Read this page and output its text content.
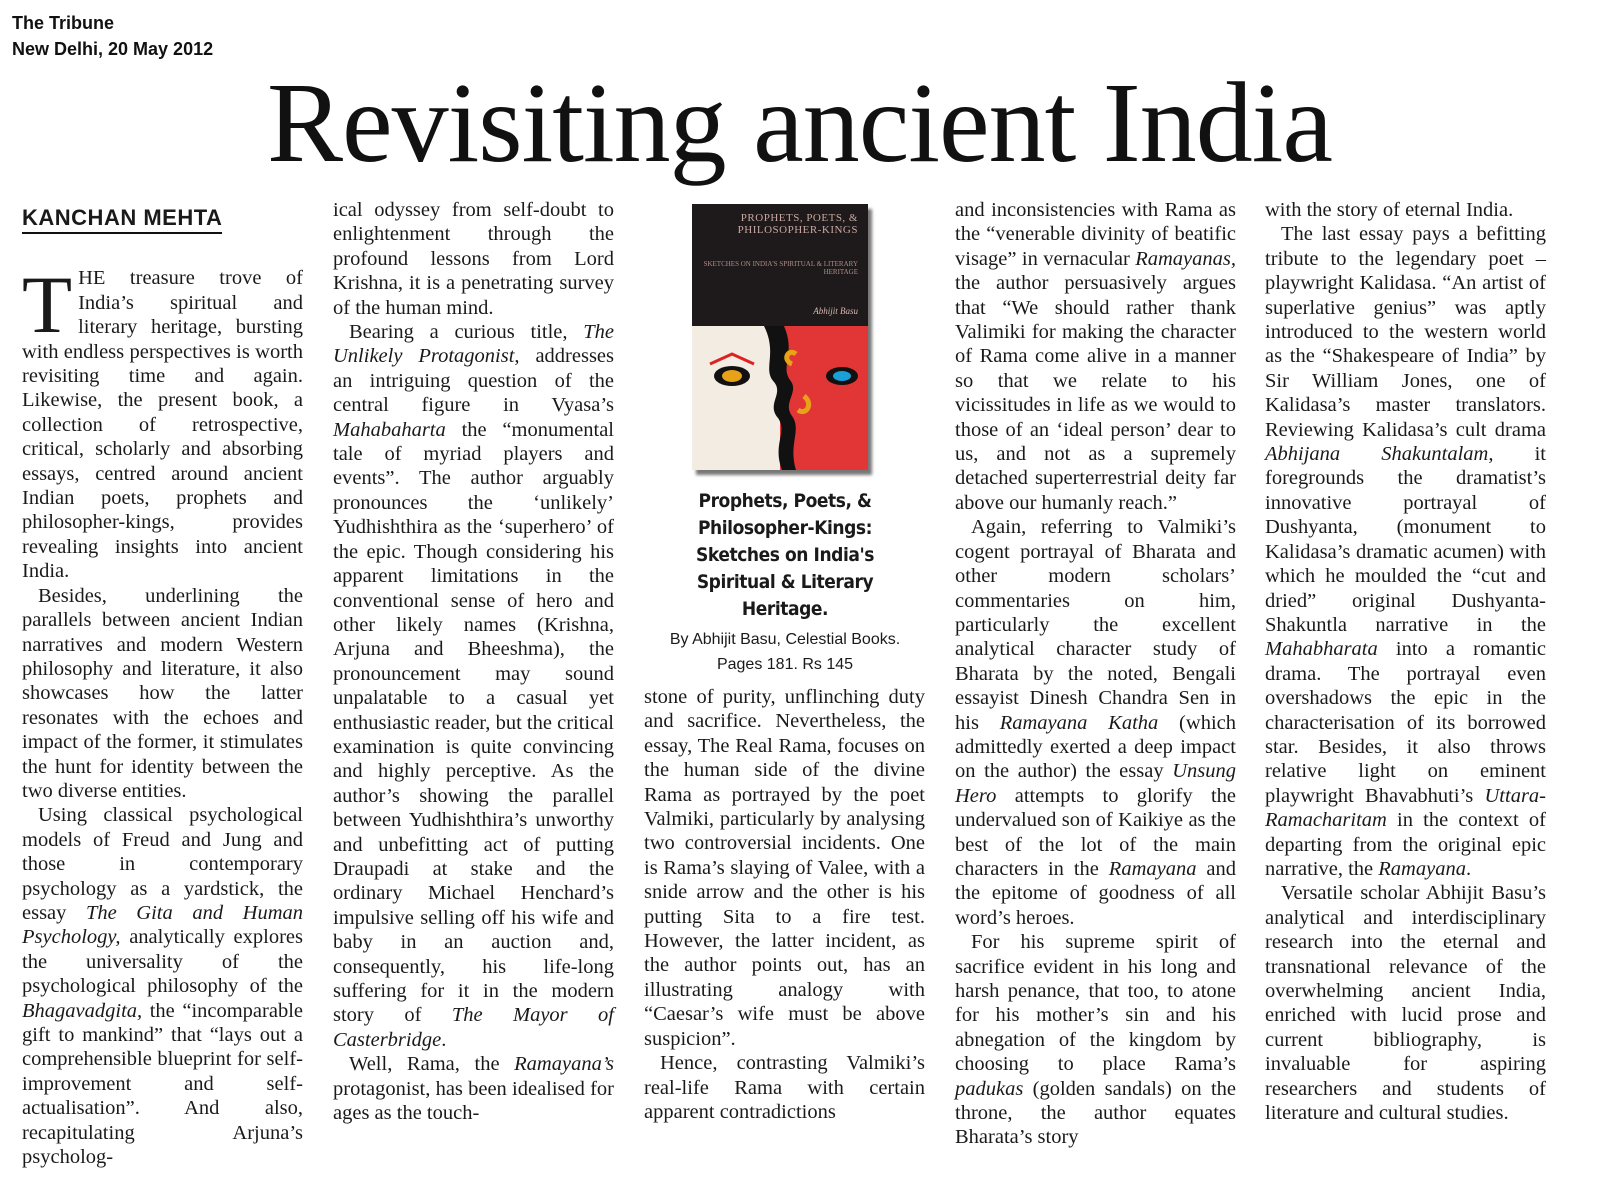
The Tribune
New Delhi, 20 May 2012
Revisiting ancient India
KANCHAN MEHTA

THE treasure trove of India’s spiritual and literary heritage, bursting with endless perspectives is worth revisiting time and again. Likewise, the present book, a collection of retrospective, critical, scholarly and absorbing essays, centred around ancient Indian poets, prophets and philosopher-kings, provides revealing insights into ancient India.

Besides, underlining the parallels between ancient Indian narratives and modern Western philosophy and literature, it also showcases how the latter resonates with the echoes and impact of the former, it stimulates the hunt for identity between the two diverse entities.

Using classical psychological models of Freud and Jung and those in contemporary psychology as a yardstick, the essay The Gita and Human Psychology, analytically explores the universality of the psychological philosophy of the Bhagavadgita, the “incomparable gift to mankind” that “lays out a comprehensible blueprint for self-improvement and self-actualisation”. And also, recapitulating Arjuna’s psycholog-

ical odyssey from self-doubt to enlightenment through the profound lessons from Lord Krishna, it is a penetrating survey of the human mind.

Bearing a curious title, The Unlikely Protagonist, addresses an intriguing question of the central figure in Vyasa’s Mahabaharta the “monumental tale of myriad players and events”. The author arguably pronounces the ‘unlikely’ Yudhishthira as the ‘superhero’ of the epic. Though considering his apparent limitations in the conventional sense of hero and other likely names (Krishna, Arjuna and Bheeshma), the pronouncement may sound unpalatable to a casual yet enthusiastic reader, but the critical examination is quite convincing and highly perceptive. As the author’s showing the parallel between Yudhishthira’s unworthy and unbefitting act of putting Draupadi at stake and the ordinary Michael Henchard’s impulsive selling off his wife and baby in an auction and, consequently, his life-long suffering for it in the modern story of The Mayor of Casterbridge.

Well, Rama, the Ramayana’s protagonist, has been idealised for ages as the touch-

PROPHETS, POETS, & PHILOSOPHER-KINGS
SKETCHES ON INDIA'S SPIRITUAL & LITERARY HERITAGE
Abhijit Basu
Prophets, Poets, & Philosopher-Kings: Sketches on India's Spiritual & Literary Heritage.
By Abhijit Basu, Celestial Books.
Pages 181. Rs 145

stone of purity, unflinching duty and sacrifice. Nevertheless, the essay, The Real Rama, focuses on the human side of the divine Rama as portrayed by the poet Valmiki, particularly by analysing two controversial incidents. One is Rama’s slaying of Valee, with a snide arrow and the other is his putting Sita to a fire test. However, the latter incident, as the author points out, has an illustrating analogy with “Caesar’s wife must be above suspicion”.

Hence, contrasting Valmiki’s real-life Rama with certain apparent contradictions

and inconsistencies with Rama as the “venerable divinity of beatific visage” in vernacular Ramayanas, the author persuasively argues that “We should rather thank Valimiki for making the character of Rama come alive in a manner so that we relate to his vicissitudes in life as we would to those of an ‘ideal person’ dear to us, and not as a supremely detached superterrestrial deity far above our humanly reach.”

Again, referring to Valmiki’s cogent portrayal of Bharata and other modern scholars’ commentaries on him, particularly the excellent analytical character study of Bharata by the noted, Bengali essayist Dinesh Chandra Sen in his Ramayana Katha (which admittedly exerted a deep impact on the author) the essay Unsung Hero attempts to glorify the undervalued son of Kaikiye as the best of the lot of the main characters in the Ramayana and the epitome of goodness of all word’s heroes.

For his supreme spirit of sacrifice evident in his long and harsh penance, that too, to atone for his mother’s sin and his abnegation of the kingdom by choosing to place Rama’s padukas (golden sandals) on the throne, the author equates Bharata’s story

with the story of eternal India.

The last essay pays a befitting tribute to the legendary poet – playwright Kalidasa. “An artist of superlative genius” was aptly introduced to the western world as the “Shakespeare of India” by Sir William Jones, one of Kalidasa’s master translators. Reviewing Kalidasa’s cult drama Abhijana Shakuntalam, it foregrounds the dramatist’s innovative portrayal of Dushyanta, (monument to Kalidasa’s dramatic acumen) with which he moulded the “cut and dried” original Dushyanta-Shakuntla narrative in the Mahabharata into a romantic drama. The portrayal even overshadows the epic in the characterisation of its borrowed star. Besides, it also throws relative light on eminent playwright Bhavabhuti’s Uttara-Ramacharitam in the context of departing from the original epic narrative, the Ramayana.

Versatile scholar Abhijit Basu’s analytical and interdisciplinary research into the eternal and transnational relevance of the overwhelming ancient India, enriched with lucid prose and current bibliography, is invaluable for aspiring researchers and students of literature and cultural studies.
